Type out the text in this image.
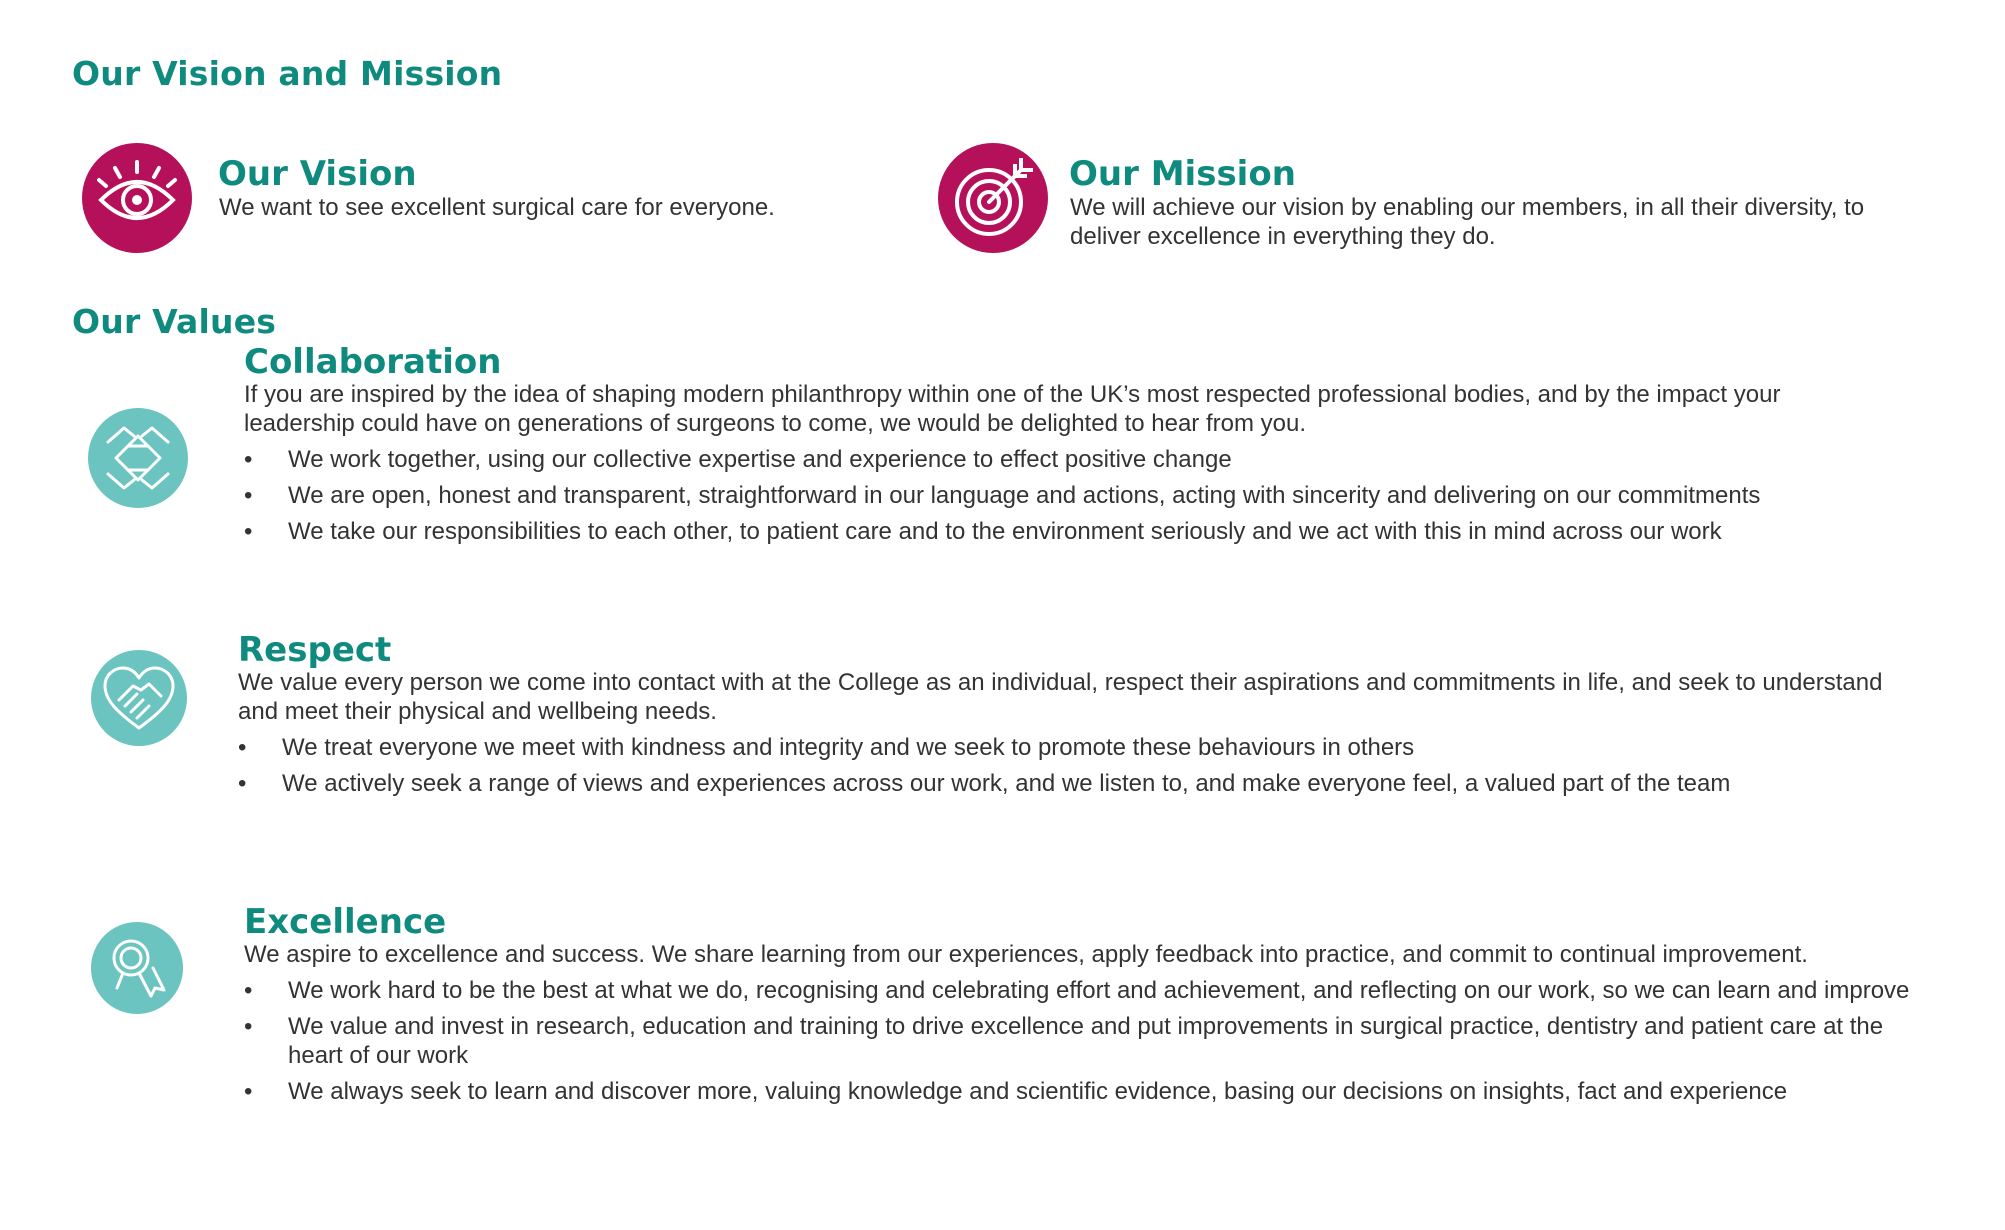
Our Vision and Mission
Our Vision
We want to see excellent surgical care for everyone.
Our Mission
We will achieve our vision by enabling our members, in all their diversity, to
deliver excellence in everything they do.
Our Values
Collaboration
If you are inspired by the idea of shaping modern philanthropy within one of the UK’s most respected professional bodies, and by the impact your
leadership could have on generations of surgeons to come, we would be delighted to hear from you.
• We work together, using our collective expertise and experience to effect positive change
• We are open, honest and transparent, straightforward in our language and actions, acting with sincerity and delivering on our commitments
• We take our responsibilities to each other, to patient care and to the environment seriously and we act with this in mind across our work
Respect
We value every person we come into contact with at the College as an individual, respect their aspirations and commitments in life, and seek to understand
and meet their physical and wellbeing needs.
• We treat everyone we meet with kindness and integrity and we seek to promote these behaviours in others
• We actively seek a range of views and experiences across our work, and we listen to, and make everyone feel, a valued part of the team
Excellence
We aspire to excellence and success. We share learning from our experiences, apply feedback into practice, and commit to continual improvement.
• We work hard to be the best at what we do, recognising and celebrating effort and achievement, and reflecting on our work, so we can learn and improve
• We value and invest in research, education and training to drive excellence and put improvements in surgical practice, dentistry and patient care at the heart of our work
• We always seek to learn and discover more, valuing knowledge and scientific evidence, basing our decisions on insights, fact and experience
